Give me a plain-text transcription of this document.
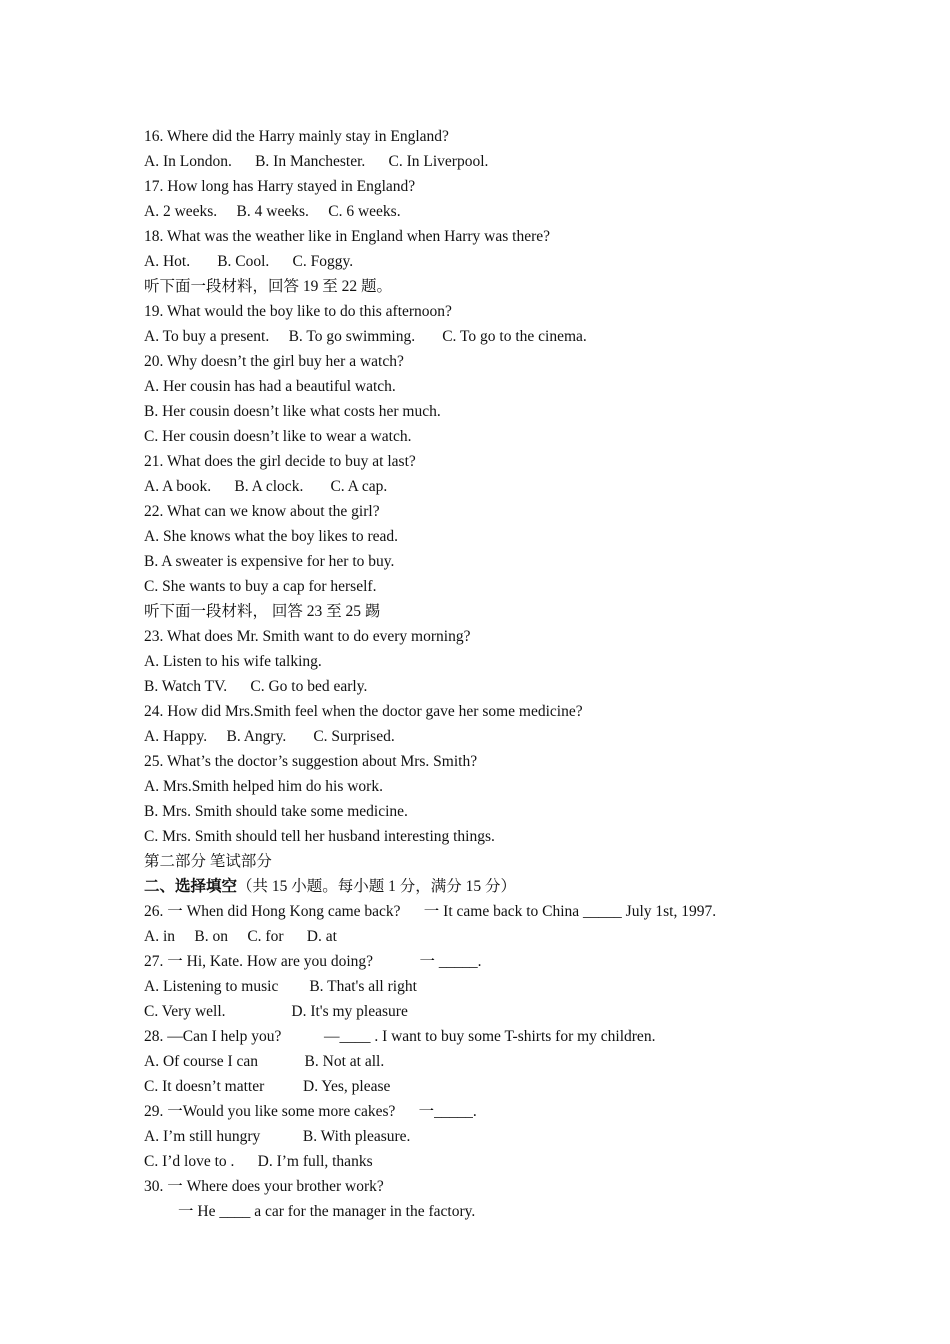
16. Where did the Harry mainly stay in England?
A. In London.      B. In Manchester.      C. In Liverpool.
17. How long has Harry stayed in England?
A. 2 weeks.     B. 4 weeks.     C. 6 weeks.
18. What was the weather like in England when Harry was there?
A. Hot.       B. Cool.      C. Foggy.
听下面一段材料，回答 19 至 22 题。
19. What would the boy like to do this afternoon?
A. To buy a present.     B. To go swimming.       C. To go to the cinema.
20. Why doesn’t the girl buy her a watch?
A. Her cousin has had a beautiful watch.
B. Her cousin doesn’t like what costs her much.
C. Her cousin doesn’t like to wear a watch.
21. What does the girl decide to buy at last?
A. A book.      B. A clock.       C. A cap.
22. What can we know about the girl?
A. She knows what the boy likes to read.
B. A sweater is expensive for her to buy.
C. She wants to buy a cap for herself.
听下面一段材料， 回答 23 至 25 踢
23. What does Mr. Smith want to do every morning?
A. Listen to his wife talking.
B. Watch TV.      C. Go to bed early.
24. How did Mrs.Smith feel when the doctor gave her some medicine?
A. Happy.     B. Angry.       C. Surprised.
25. What’s the doctor’s suggestion about Mrs. Smith?
A. Mrs.Smith helped him do his work.
B. Mrs. Smith should take some medicine.
C. Mrs. Smith should tell her husband interesting things.
第二部分 笔试部分
二、选择填空（共 15 小题。每小题 1 分，满分 15 分）
26. 一 When did Hong Kong came back?      一 It came back to China _____ July 1st, 1997.
A. in     B. on     C. for      D. at
27. 一 Hi, Kate. How are you doing?            一 _____.
A. Listening to music        B. That's all right
C. Very well.                 D. It's my pleasure
28. —Can I help you?           —____ . I want to buy some T-shirts for my children.
A. Of course I can            B. Not at all.
C. It doesn’t matter          D. Yes, please
29. 一Would you like some more cakes?      一_____.
A. I’m still hungry           B. With pleasure.
C. I’d love to .      D. I’m full, thanks
30. 一 Where does your brother work?
一 He ____ a car for the manager in the factory.
